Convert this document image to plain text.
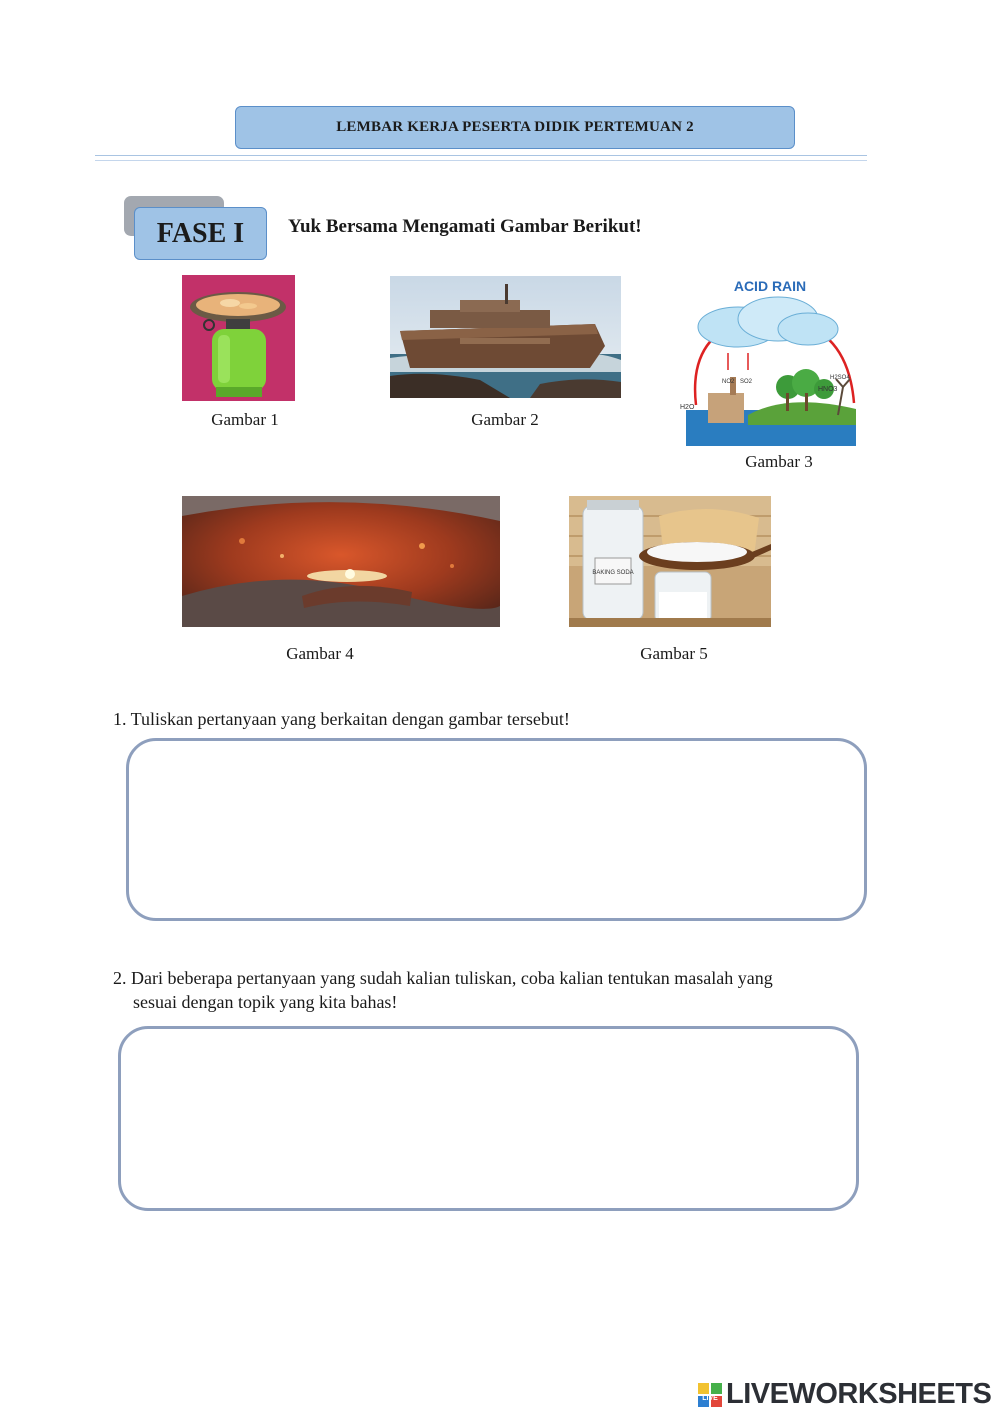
LEMBAR KERJA PESERTA DIDIK PERTEMUAN 2
FASE I Yuk Bersama Mengamati Gambar Berikut!
Gambar 1	Gambar 2
ACID RAIN
H2O
NO2 SO2
HNO3
H2SO4
Gambar 3
Gambar 4
BAKING SODA
Gambar 5
1. Tuliskan pertanyaan yang berkaitan dengan gambar tersebut!
2. Dari beberapa pertanyaan yang sudah kalian tuliskan, coba kalian tentukan masalah yang
sesuai dengan topik yang kita bahas!
LIVE LIVEWORKSHEETS
